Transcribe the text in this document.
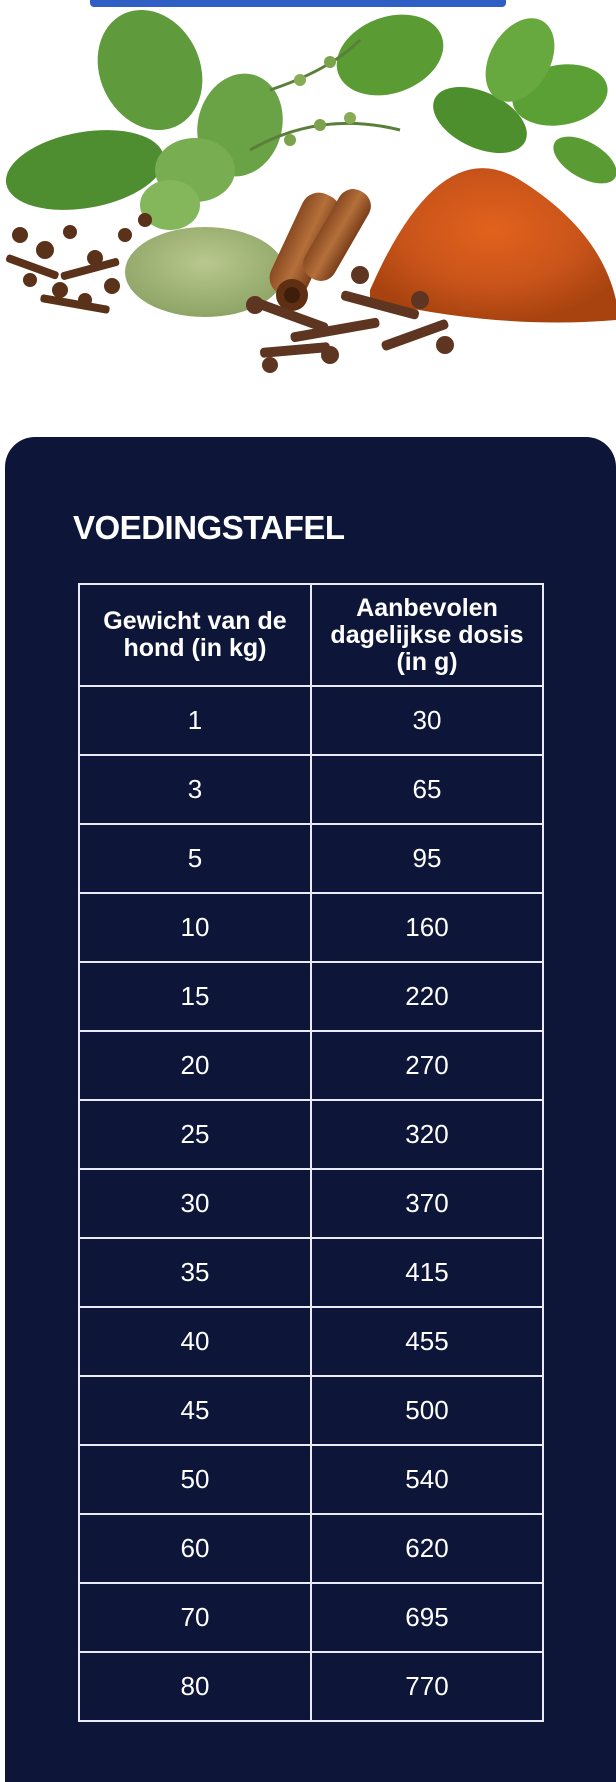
VOEDINGSTAFEL
Gewicht van de hond (in kg)	Aanbevolen dagelijkse dosis (in g)
1	30
3	65
5	95
10	160
15	220
20	270
25	320
30	370
35	415
40	455
45	500
50	540
60	620
70	695
80	770
